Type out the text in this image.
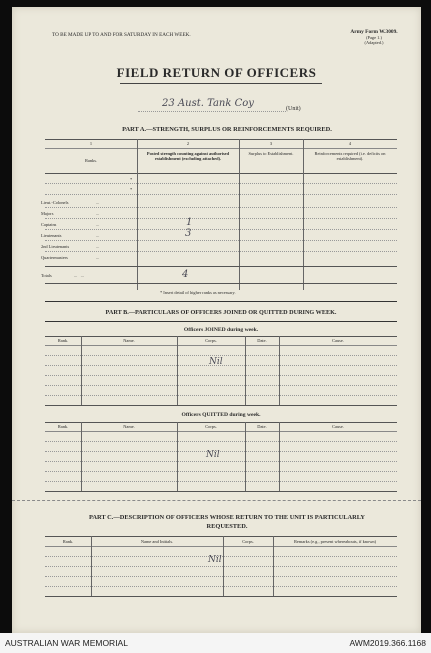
TO BE MADE UP TO AND FOR SATURDAY IN EACH WEEK.	Army Form W.3009.
(Page 1.)
(Adapted.)
FIELD RETURN OF OFFICERS
23 Aust. Tank Coy	(Unit)
PART A.—STRENGTH, SURPLUS OR REINFORCEMENTS REQUIRED.
1	2	3	4
Ranks.
Posted strength counting against authorised establishment (excluding attached).
Surplus to Establishment.	Reinforcements required (i.e. deficits on establishment).
*
*
Lieut.-Colonels	...
Majors	...
Captains	...	1
Lieutenants	...	3
2nd Lieutenants	...
Quartermasters	...
Totals	...   ...	4
* Insert detail of higher ranks as necessary.
PART B.—PARTICULARS OF OFFICERS JOINED OR QUITTED DURING WEEK.
Officers JOINED during week.
Rank.	Name.	Corps.	Date.	Cause.
Nil
Officers QUITTED during week.
Rank.	Name.	Corps.	Date.	Cause.
Nil
PART C.—DESCRIPTION OF OFFICERS WHOSE RETURN TO THE UNIT IS PARTICULARLY
REQUESTED.
Rank.	Name and Initials.	Corps.	Remarks (e.g., present whereabouts, if known)
Nil
AUSTRALIAN WAR MEMORIAL	AWM2019.366.1168
